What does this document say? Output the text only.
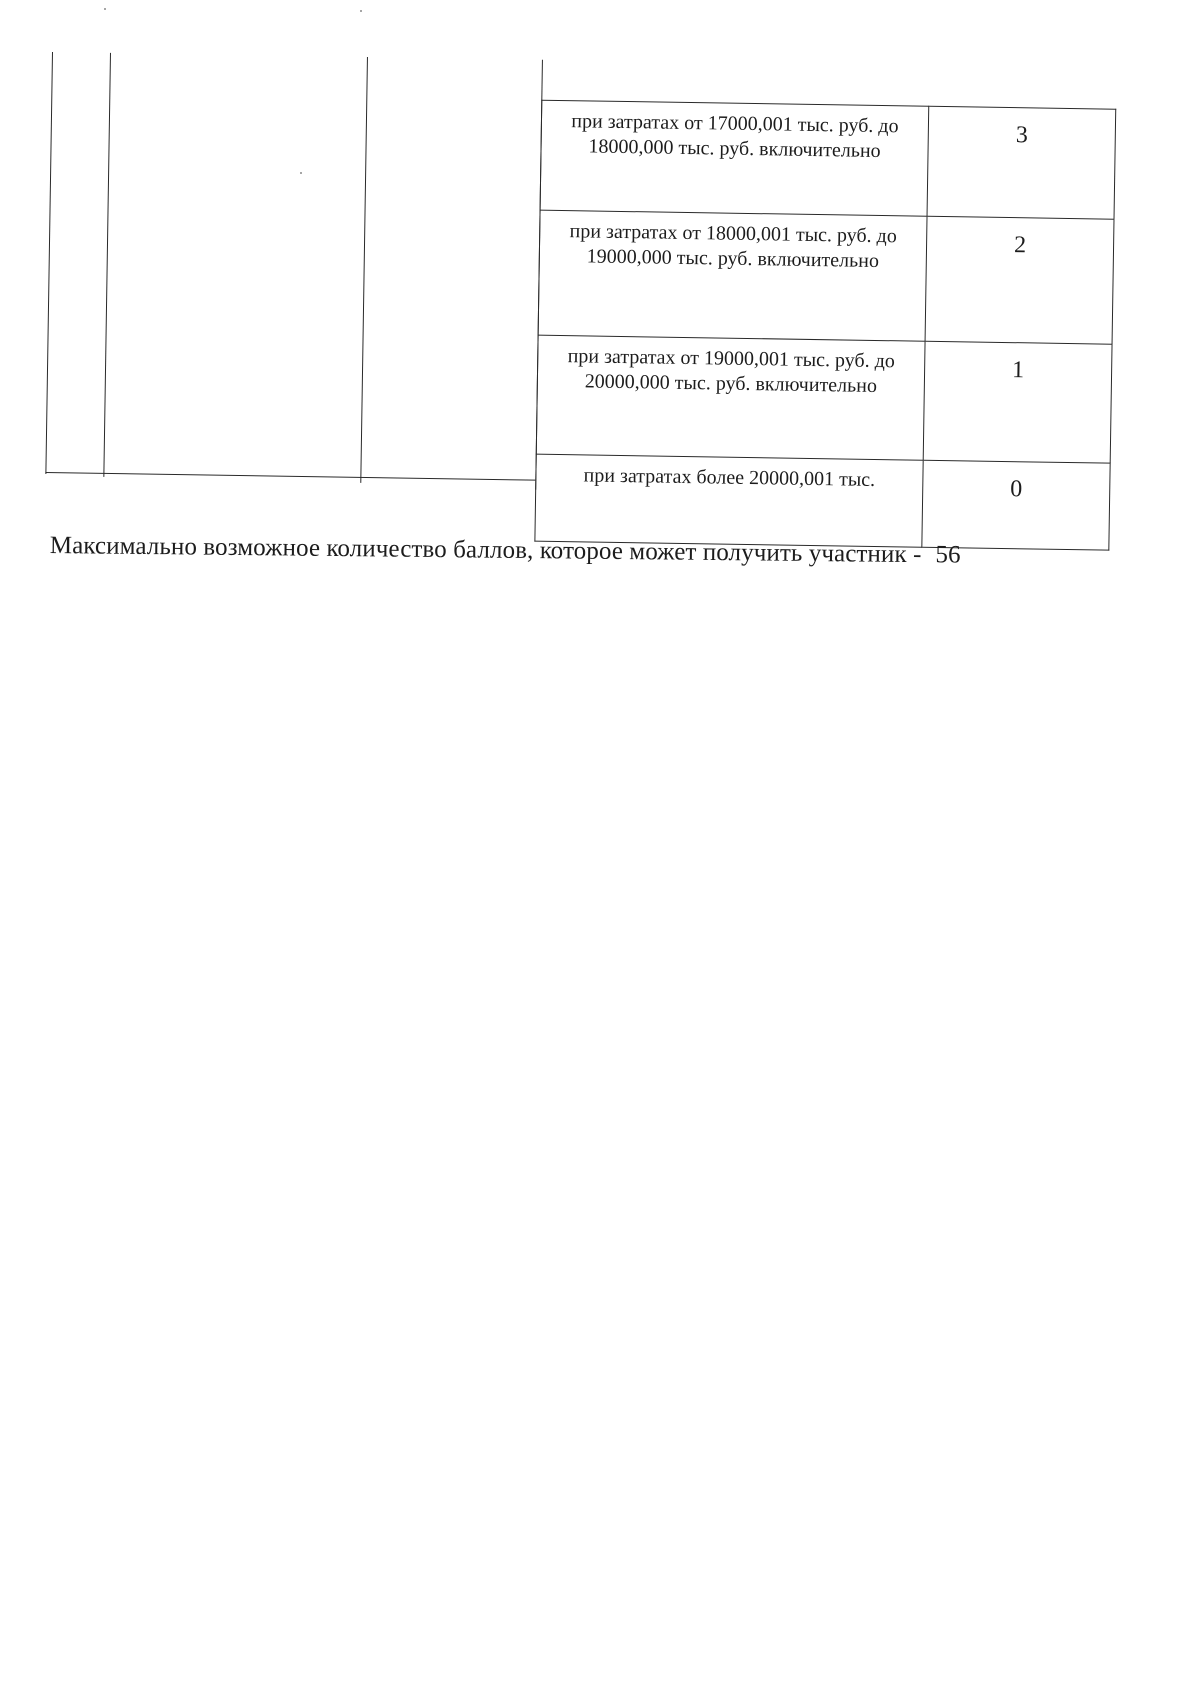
при затратах от 17000,001 тыс. руб. до 18000,000 тыс. руб. включительно	3
при затратах от 18000,001 тыс. руб. до 19000,000 тыс. руб. включительно	2
при затратах от 19000,001 тыс. руб. до 20000,000 тыс. руб. включительно	1
при затратах более 20000,001 тыс.	0
Максимально возможное количество баллов, которое может получить участник - 56
